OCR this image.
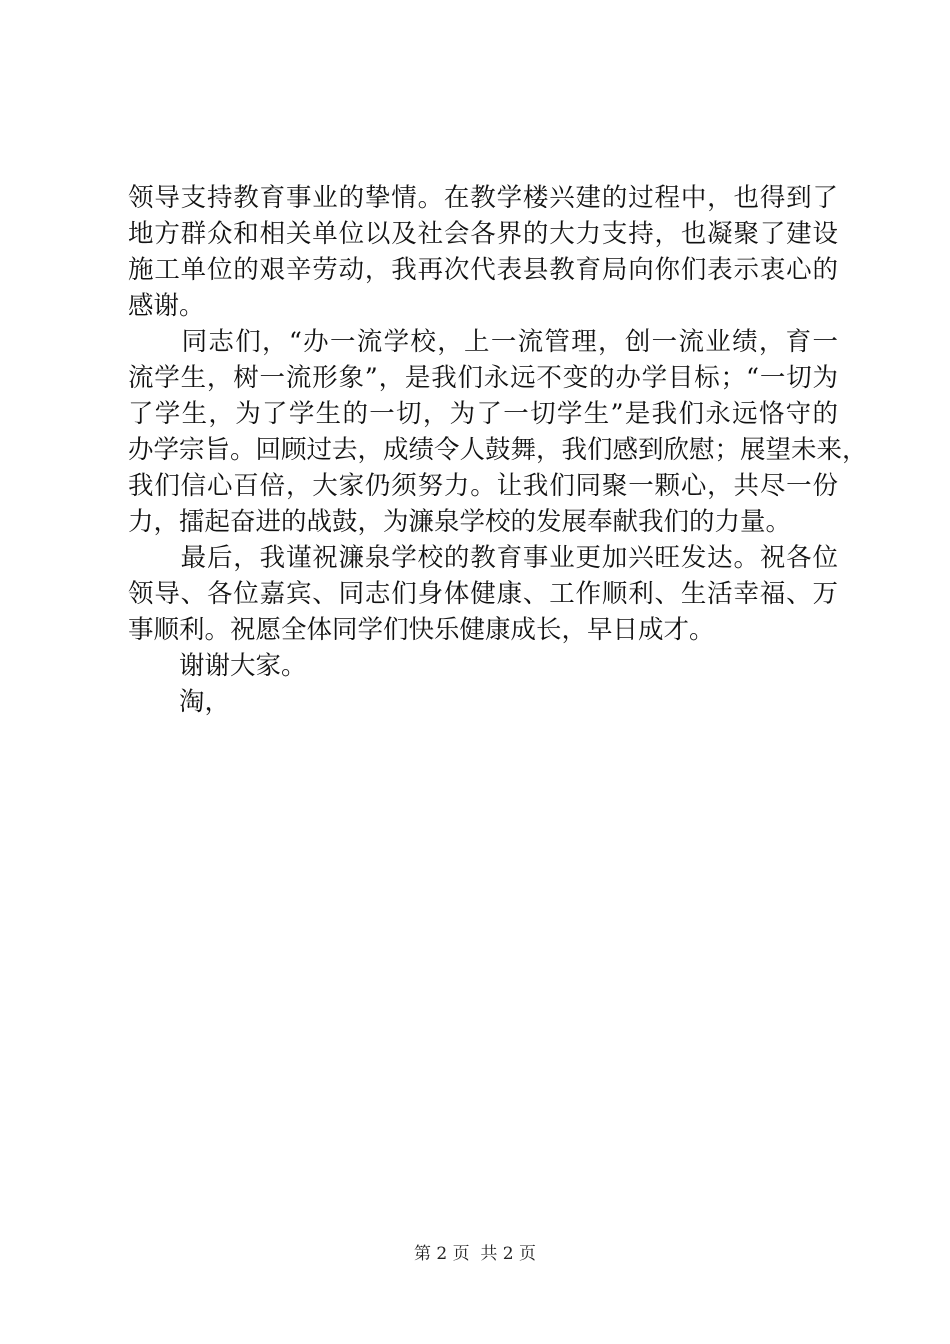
领导支持教育事业的挚情。在教学楼兴建的过程中，也得到了
地方群众和相关单位以及社会各界的大力支持，也凝聚了建设
施工单位的艰辛劳动，我再次代表县教育局向你们表示衷心的
感谢。
　　同志们，“办一流学校，上一流管理，创一流业绩，育一
流学生，树一流形象”，是我们永远不变的办学目标；“一切为
了学生，为了学生的一切，为了一切学生”是我们永远恪守的
办学宗旨。回顾过去，成绩令人鼓舞，我们感到欣慰；展望未来，
我们信心百倍，大家仍须努力。让我们同聚一颗心，共尽一份
力，擂起奋进的战鼓，为濂泉学校的发展奉献我们的力量。
　　最后，我谨祝濂泉学校的教育事业更加兴旺发达。祝各位
领导、各位嘉宾、同志们身体健康、工作顺利、生活幸福、万
事顺利。祝愿全体同学们快乐健康成长，早日成才。
　　谢谢大家。
　　淘，
第 2 页  共 2 页
